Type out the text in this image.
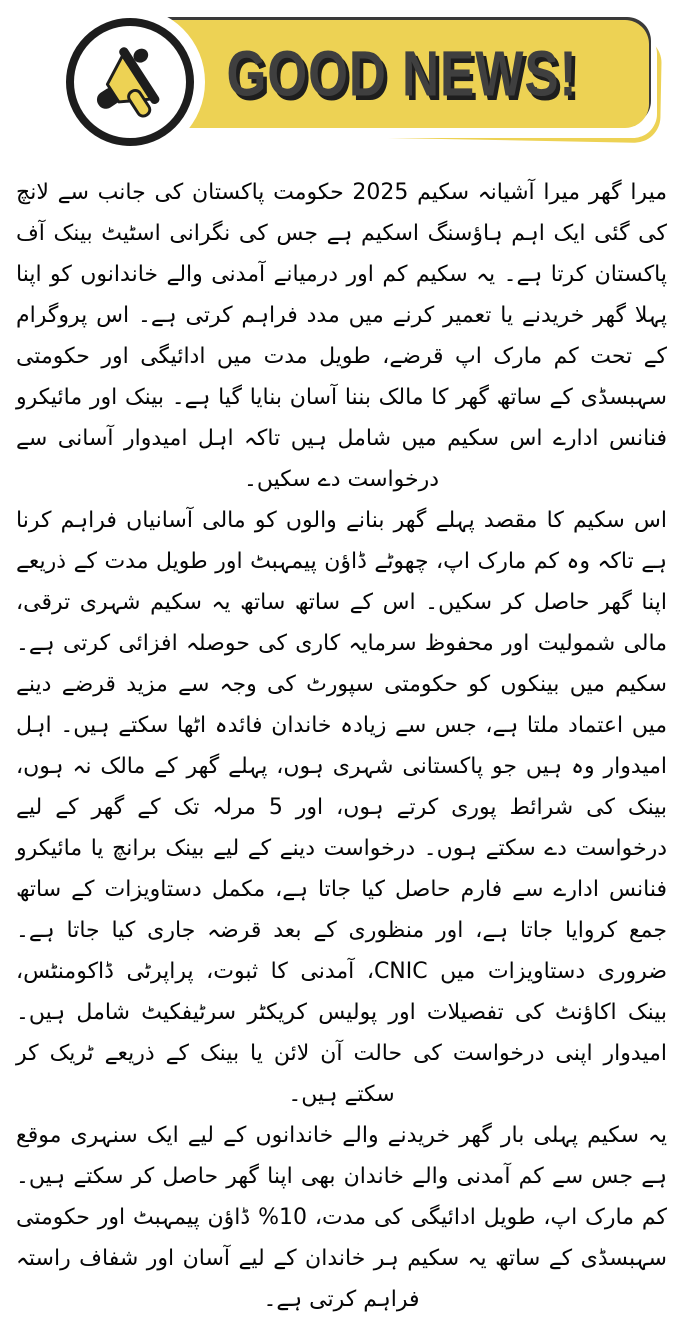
GOOD NEWS!

میرا گھر میرا آشیانہ سکیم 2025 حکومت پاکستان کی جانب سے لانچ کی گئی ایک اہم ہاؤسنگ اسکیم ہے جس کی نگرانی اسٹیٹ بینک آف پاکستان کرتا ہے۔ یہ سکیم کم اور درمیانے آمدنی والے خاندانوں کو اپنا پہلا گھر خریدنے یا تعمیر کرنے میں مدد فراہم کرتی ہے۔ اس پروگرام کے تحت کم مارک اپ قرضے، طویل مدت میں ادائیگی اور حکومتی سہبسڈی کے ساتھ گھر کا مالک بننا آسان بنایا گیا ہے۔ بینک اور مائیکرو فنانس ادارے اس سکیم میں شامل ہیں تاکہ اہل امیدوار آسانی سے درخواست دے سکیں۔

اس سکیم کا مقصد پہلے گھر بنانے والوں کو مالی آسانیاں فراہم کرنا ہے تاکہ وہ کم مارک اپ، چھوٹے ڈاؤن پیمہبٹ اور طویل مدت کے ذریعے اپنا گھر حاصل کر سکیں۔ اس کے ساتھ ساتھ یہ سکیم شہری ترقی، مالی شمولیت اور محفوظ سرمایہ کاری کی حوصلہ افزائی کرتی ہے۔ سکیم میں بینکوں کو حکومتی سپورٹ کی وجہ سے مزید قرضے دینے میں اعتماد ملتا ہے، جس سے زیادہ خاندان فائدہ اٹھا سکتے ہیں۔ اہل امیدوار وہ ہیں جو پاکستانی شہری ہوں، پہلے گھر کے مالک نہ ہوں، بینک کی شرائط پوری کرتے ہوں، اور 5 مرلہ تک کے گھر کے لیے درخواست دے سکتے ہوں۔ درخواست دینے کے لیے بینک برانچ یا مائیکرو فنانس ادارے سے فارم حاصل کیا جاتا ہے، مکمل دستاویزات کے ساتھ جمع کروایا جاتا ہے، اور منظوری کے بعد قرضہ جاری کیا جاتا ہے۔ ضروری دستاویزات میں CNIC، آمدنی کا ثبوت، پراپرٹی ڈاکومنٹس، بینک اکاؤنٹ کی تفصیلات اور پولیس کریکٹر سرٹیفکیٹ شامل ہیں۔ امیدوار اپنی درخواست کی حالت آن لائن یا بینک کے ذریعے ٹریک کر سکتے ہیں۔

یہ سکیم پہلی بار گھر خریدنے والے خاندانوں کے لیے ایک سنہری موقع ہے جس سے کم آمدنی والے خاندان بھی اپنا گھر حاصل کر سکتے ہیں۔ کم مارک اپ، طویل ادائیگی کی مدت، 10% ڈاؤن پیمہبٹ اور حکومتی سہبسڈی کے ساتھ یہ سکیم ہر خاندان کے لیے آسان اور شفاف راستہ فراہم کرتی ہے۔
